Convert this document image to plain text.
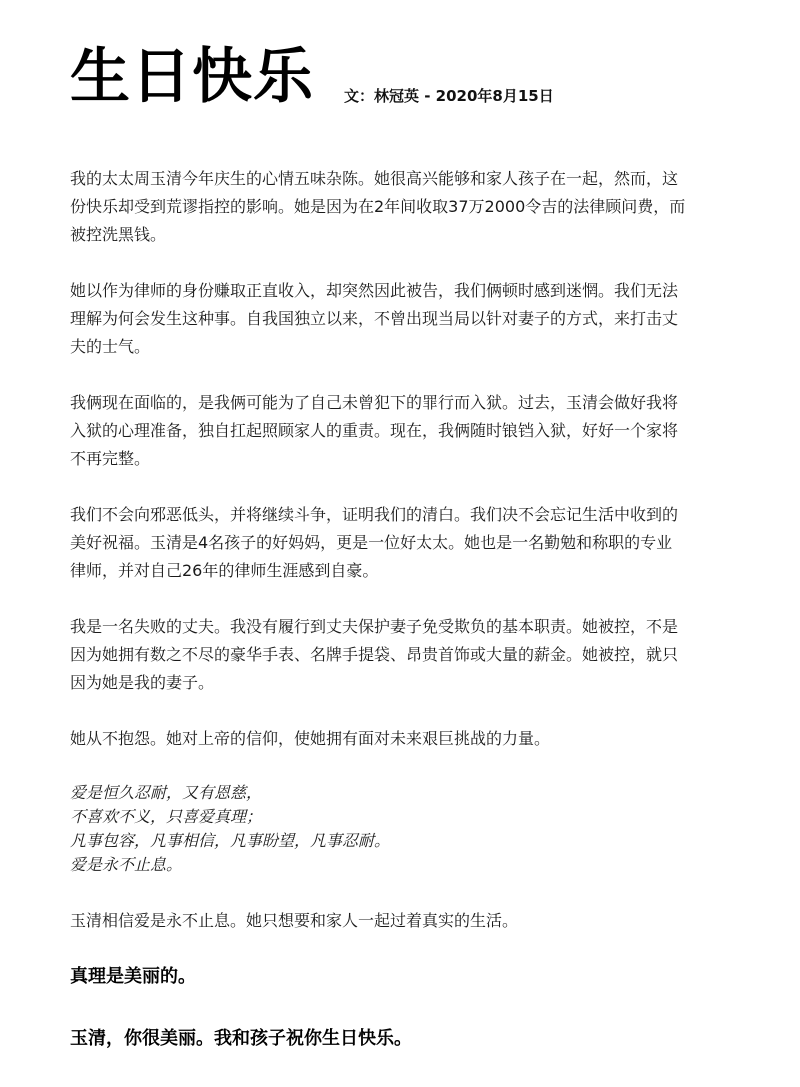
生日快乐 文：林冠英 - 2020年8月15日

我的太太周玉清今年庆生的心情五味杂陈。她很高兴能够和家人孩子在一起，然而，这
份快乐却受到荒谬指控的影响。她是因为在2年间收取37万2000令吉的法律顾问费，而
被控洗黑钱。

她以作为律师的身份赚取正直收入，却突然因此被告，我们俩顿时感到迷惘。我们无法
理解为何会发生这种事。自我国独立以来，不曾出现当局以针对妻子的方式，来打击丈
夫的士气。

我俩现在面临的，是我俩可能为了自己未曾犯下的罪行而入狱。过去，玉清会做好我将
入狱的心理准备，独自扛起照顾家人的重责。现在，我俩随时锒铛入狱，好好一个家将
不再完整。

我们不会向邪恶低头，并将继续斗争，证明我们的清白。我们决不会忘记生活中收到的
美好祝福。玉清是4名孩子的好妈妈，更是一位好太太。她也是一名勤勉和称职的专业
律师，并对自己26年的律师生涯感到自豪。

我是一名失败的丈夫。我没有履行到丈夫保护妻子免受欺负的基本职责。她被控，不是
因为她拥有数之不尽的豪华手表、名牌手提袋、昂贵首饰或大量的薪金。她被控，就只
因为她是我的妻子。

她从不抱怨。她对上帝的信仰，使她拥有面对未来艰巨挑战的力量。

爱是恒久忍耐，又有恩慈，
不喜欢不义，只喜爱真理；
凡事包容，凡事相信，凡事盼望，凡事忍耐。
爱是永不止息。

玉清相信爱是永不止息。她只想要和家人一起过着真实的生活。

真理是美丽的。

玉清，你很美丽。我和孩子祝你生日快乐。
